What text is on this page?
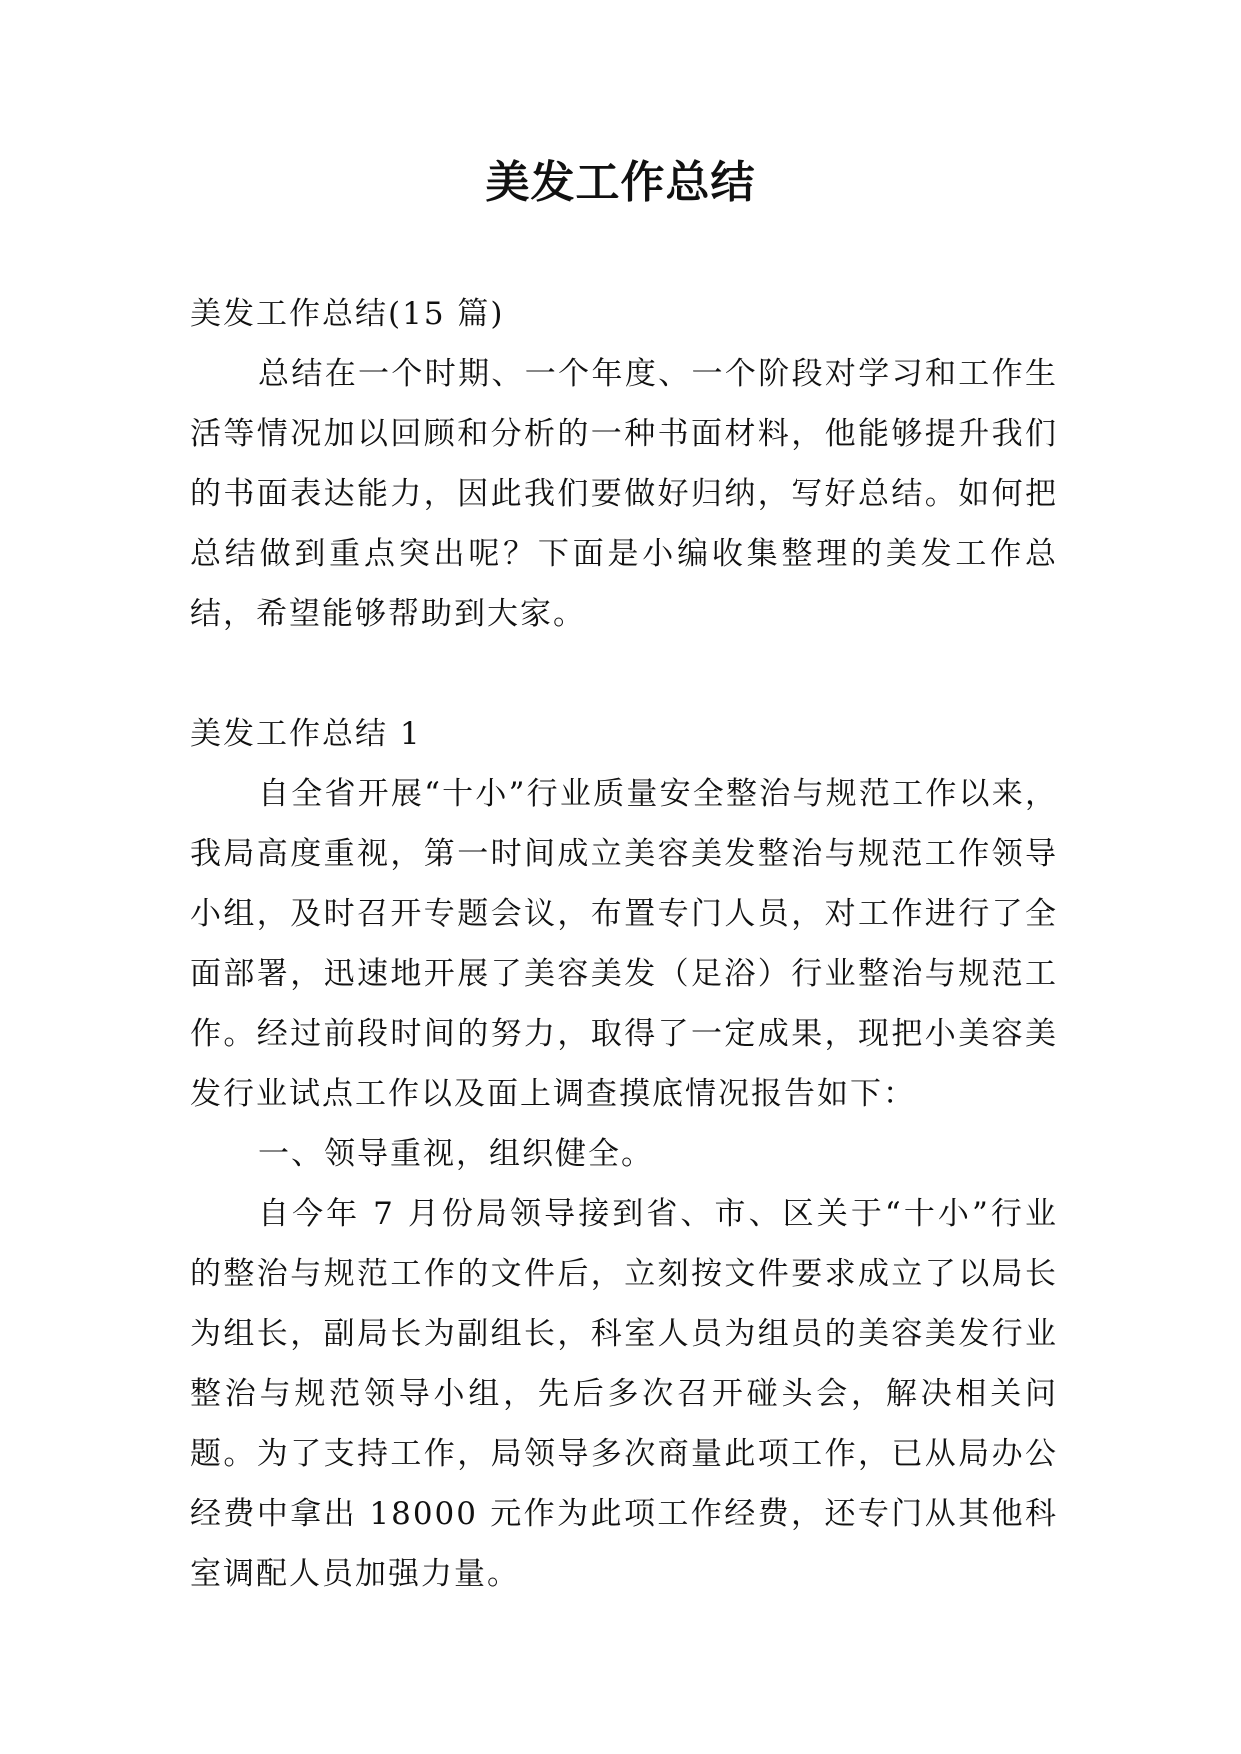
美发工作总结

美发工作总结(15 篇)

总结在一个时期、一个年度、一个阶段对学习和工作生活等情况加以回顾和分析的一种书面材料，他能够提升我们的书面表达能力，因此我们要做好归纳，写好总结。如何把总结做到重点突出呢？下面是小编收集整理的美发工作总结，希望能够帮助到大家。

美发工作总结 1

自全省开展“十小”行业质量安全整治与规范工作以来，我局高度重视，第一时间成立美容美发整治与规范工作领导小组，及时召开专题会议，布置专门人员，对工作进行了全面部署，迅速地开展了美容美发（足浴）行业整治与规范工作。经过前段时间的努力，取得了一定成果，现把小美容美发行业试点工作以及面上调查摸底情况报告如下：

一、领导重视，组织健全。

自今年 7 月份局领导接到省、市、区关于“十小”行业的整治与规范工作的文件后，立刻按文件要求成立了以局长为组长，副局长为副组长，科室人员为组员的美容美发行业整治与规范领导小组，先后多次召开碰头会，解决相关问题。为了支持工作，局领导多次商量此项工作，已从局办公经费中拿出 18000 元作为此项工作经费，还专门从其他科室调配人员加强力量。
